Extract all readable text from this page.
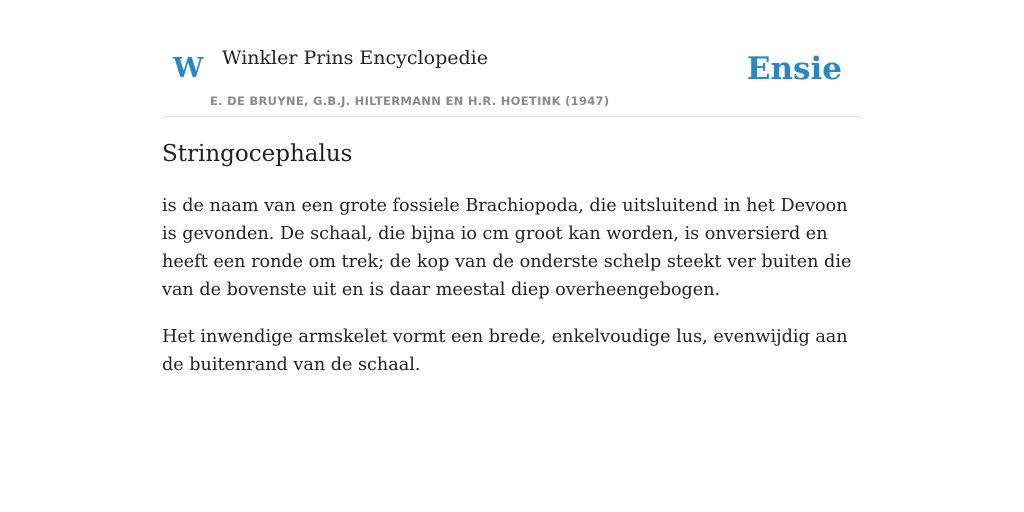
W Winkler Prins Encyclopedie
E. DE BRUYNE, G.B.J. HILTERMANN EN H.R. HOETINK (1947)
Ensie
Stringocephalus

is de naam van een grote fossiele Brachiopoda, die uitsluitend in het Devoon is gevonden. De schaal, die bijna io cm groot kan worden, is onversierd en heeft een ronde om trek; de kop van de onderste schelp steekt ver buiten die van de bovenste uit en is daar meestal diep overheengebogen.

Het inwendige armskelet vormt een brede, enkelvoudige lus, evenwijdig aan de buitenrand van de schaal.
